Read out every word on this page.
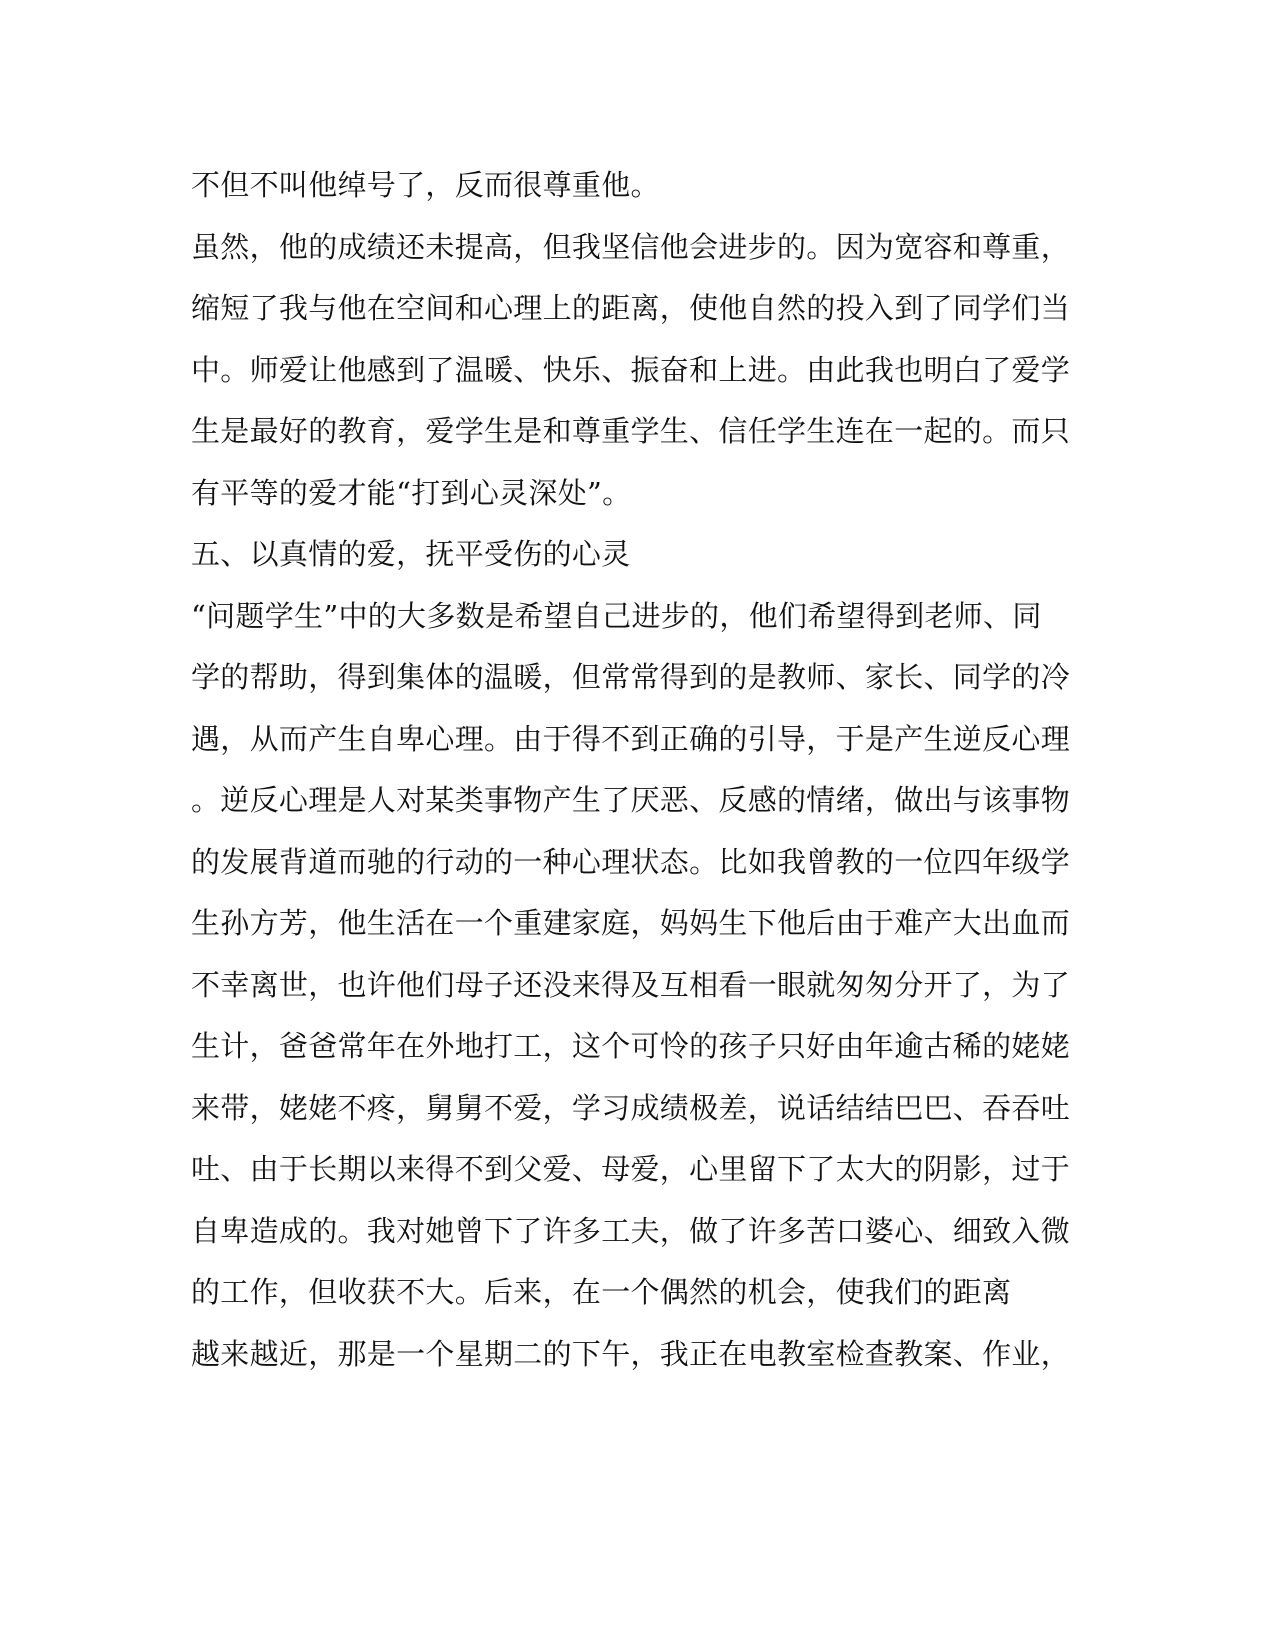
不但不叫他绰号了，反而很尊重他。

虽然，他的成绩还未提高，但我坚信他会进步的。因为宽容和尊重，

缩短了我与他在空间和心理上的距离，使他自然的投入到了同学们当

中。师爱让他感到了温暖、快乐、振奋和上进。由此我也明白了爱学

生是最好的教育，爱学生是和尊重学生、信任学生连在一起的。而只

有平等的爱才能“打到心灵深处”。

五、以真情的爱，抚平受伤的心灵

“问题学生”中的大多数是希望自己进步的，他们希望得到老师、同

学的帮助，得到集体的温暖，但常常得到的是教师、家长、同学的冷

遇，从而产生自卑心理。由于得不到正确的引导，于是产生逆反心理

。逆反心理是人对某类事物产生了厌恶、反感的情绪，做出与该事物

的发展背道而驰的行动的一种心理状态。比如我曾教的一位四年级学

生孙方芳，他生活在一个重建家庭，妈妈生下他后由于难产大出血而

不幸离世，也许他们母子还没来得及互相看一眼就匆匆分开了，为了

生计，爸爸常年在外地打工，这个可怜的孩子只好由年逾古稀的姥姥

来带，姥姥不疼，舅舅不爱，学习成绩极差，说话结结巴巴、吞吞吐

吐、由于长期以来得不到父爱、母爱，心里留下了太大的阴影，过于

自卑造成的。我对她曾下了许多工夫，做了许多苦口婆心、细致入微

的工作，但收获不大。后来，在一个偶然的机会，使我们的距离

越来越近，那是一个星期二的下午，我正在电教室检查教案、作业，
